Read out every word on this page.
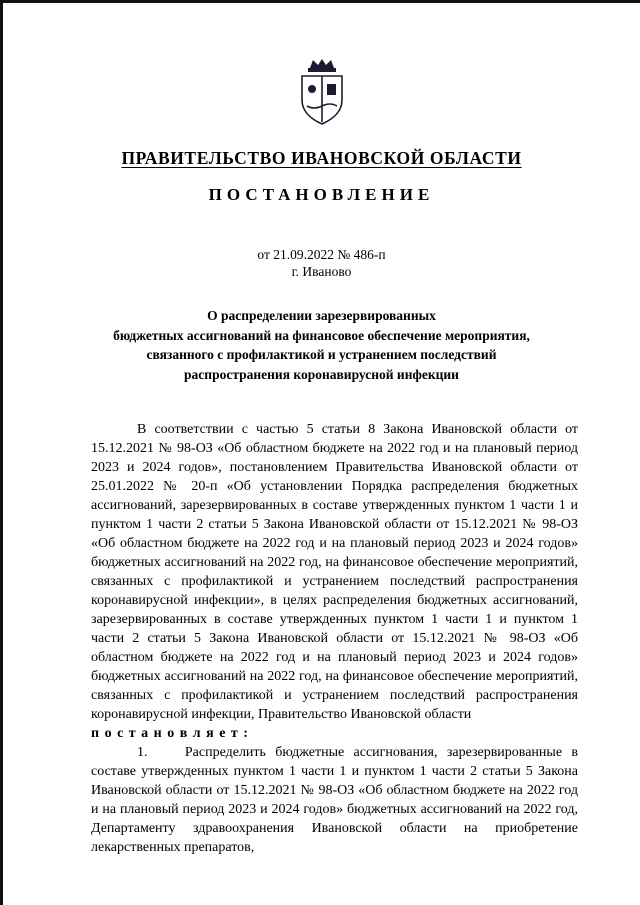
ПРАВИТЕЛЬСТВО ИВАНОВСКОЙ ОБЛАСТИ
ПОСТАНОВЛЕНИЕ
от 21.09.2022 № 486-п
г. Иваново
О распределении зарезервированных
бюджетных ассигнований на финансовое обеспечение мероприятия,
связанного с профилактикой и устранением последствий
распространения коронавирусной инфекции

В соответствии с частью 5 статьи 8 Закона Ивановской области от 15.12.2021 № 98-ОЗ «Об областном бюджете на 2022 год и на плановый период 2023 и 2024 годов», постановлением Правительства Ивановской области от 25.01.2022 № 20-п «Об установлении Порядка распределения бюджетных ассигнований, зарезервированных в составе утвержденных пунктом 1 части 1 и пунктом 1 части 2 статьи 5 Закона Ивановской области от 15.12.2021 № 98-ОЗ «Об областном бюджете на 2022 год и на плановый период 2023 и 2024 годов» бюджетных ассигнований на 2022 год, на финансовое обеспечение мероприятий, связанных с профилактикой и устранением последствий распространения коронавирусной инфекции», в целях распределения бюджетных ассигнований, зарезервированных в составе утвержденных пунктом 1 части 1 и пунктом 1 части 2 статьи 5 Закона Ивановской области от 15.12.2021 № 98-ОЗ «Об областном бюджете на 2022 год и на плановый период 2023 и 2024 годов» бюджетных ассигнований на 2022 год, на финансовое обеспечение мероприятий, связанных с профилактикой и устранением последствий распространения коронавирусной инфекции, Правительство Ивановской области

п о с т а н о в л я е т :

1.    Распределить бюджетные ассигнования, зарезервированные в составе утвержденных пунктом 1 части 1 и пунктом 1 части 2 статьи 5 Закона Ивановской области от 15.12.2021 № 98-ОЗ «Об областном бюджете на 2022 год и на плановый период 2023 и 2024 годов» бюджетных ассигнований на 2022 год, Департаменту здравоохранения Ивановской области на приобретение лекарственных препаратов,
